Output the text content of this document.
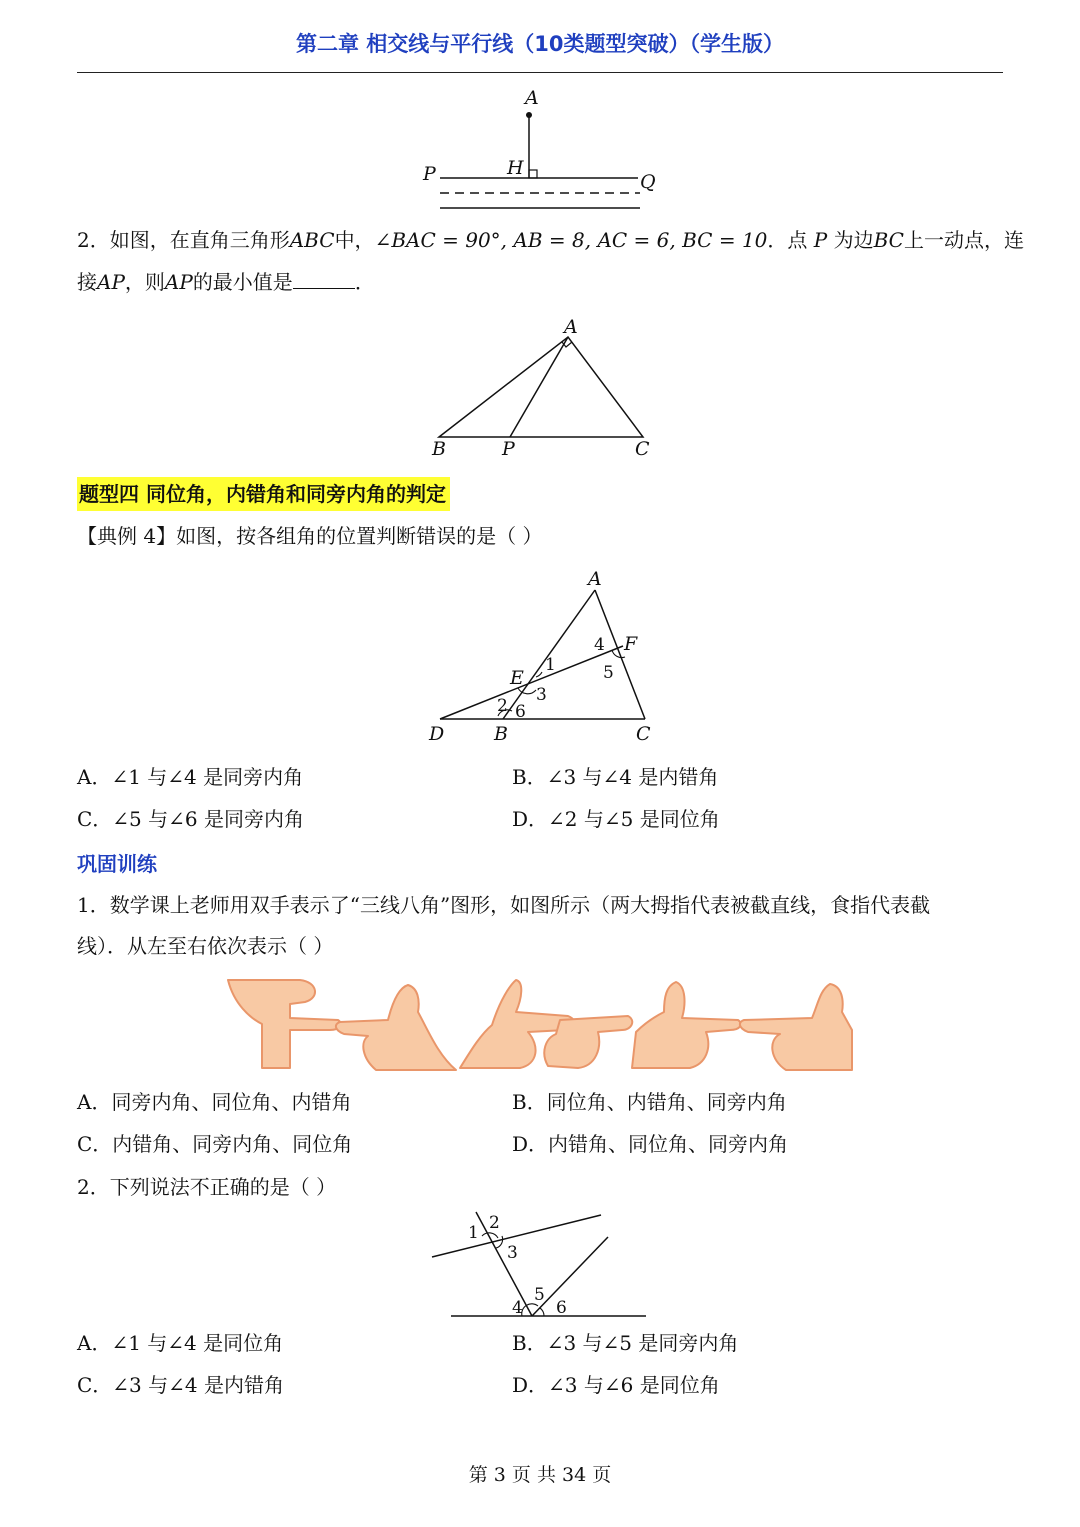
第二章 相交线与平行线（10类题型突破）（学生版）
A
H
P	Q
2．如图，在直角三角形ABC中，∠BAC = 90°, AB = 8, AC = 6, BC = 10．点 P 为边BC上一动点，连
接AP，则AP的最小值是	．
A
B	P	C
题型四 同位角，内错角和同旁内角的判定
【典例 4】如图，按各组角的位置判断错误的是（ ）
A
F
E
D	B	C
1
2
3
4
5
6
A．∠1 与∠4 是同旁内角	B．∠3 与∠4 是内错角
C．∠5 与∠6 是同旁内角	D．∠2 与∠5 是同位角
巩固训练
1．数学课上老师用双手表示了“三线八角”图形，如图所示（两大拇指代表被截直线，食指代表截
线）．从左至右依次表示（ ）
A．同旁内角、同位角、内错角	B．同位角、内错角、同旁内角
C．内错角、同旁内角、同位角	D．内错角、同位角、同旁内角
2．下列说法不正确的是（ ）
1 2
3
4
5
6
A．∠1 与∠4 是同位角	B．∠3 与∠5 是同旁内角
C．∠3 与∠4 是内错角	D．∠3 与∠6 是同位角
第 3 页 共 34 页
